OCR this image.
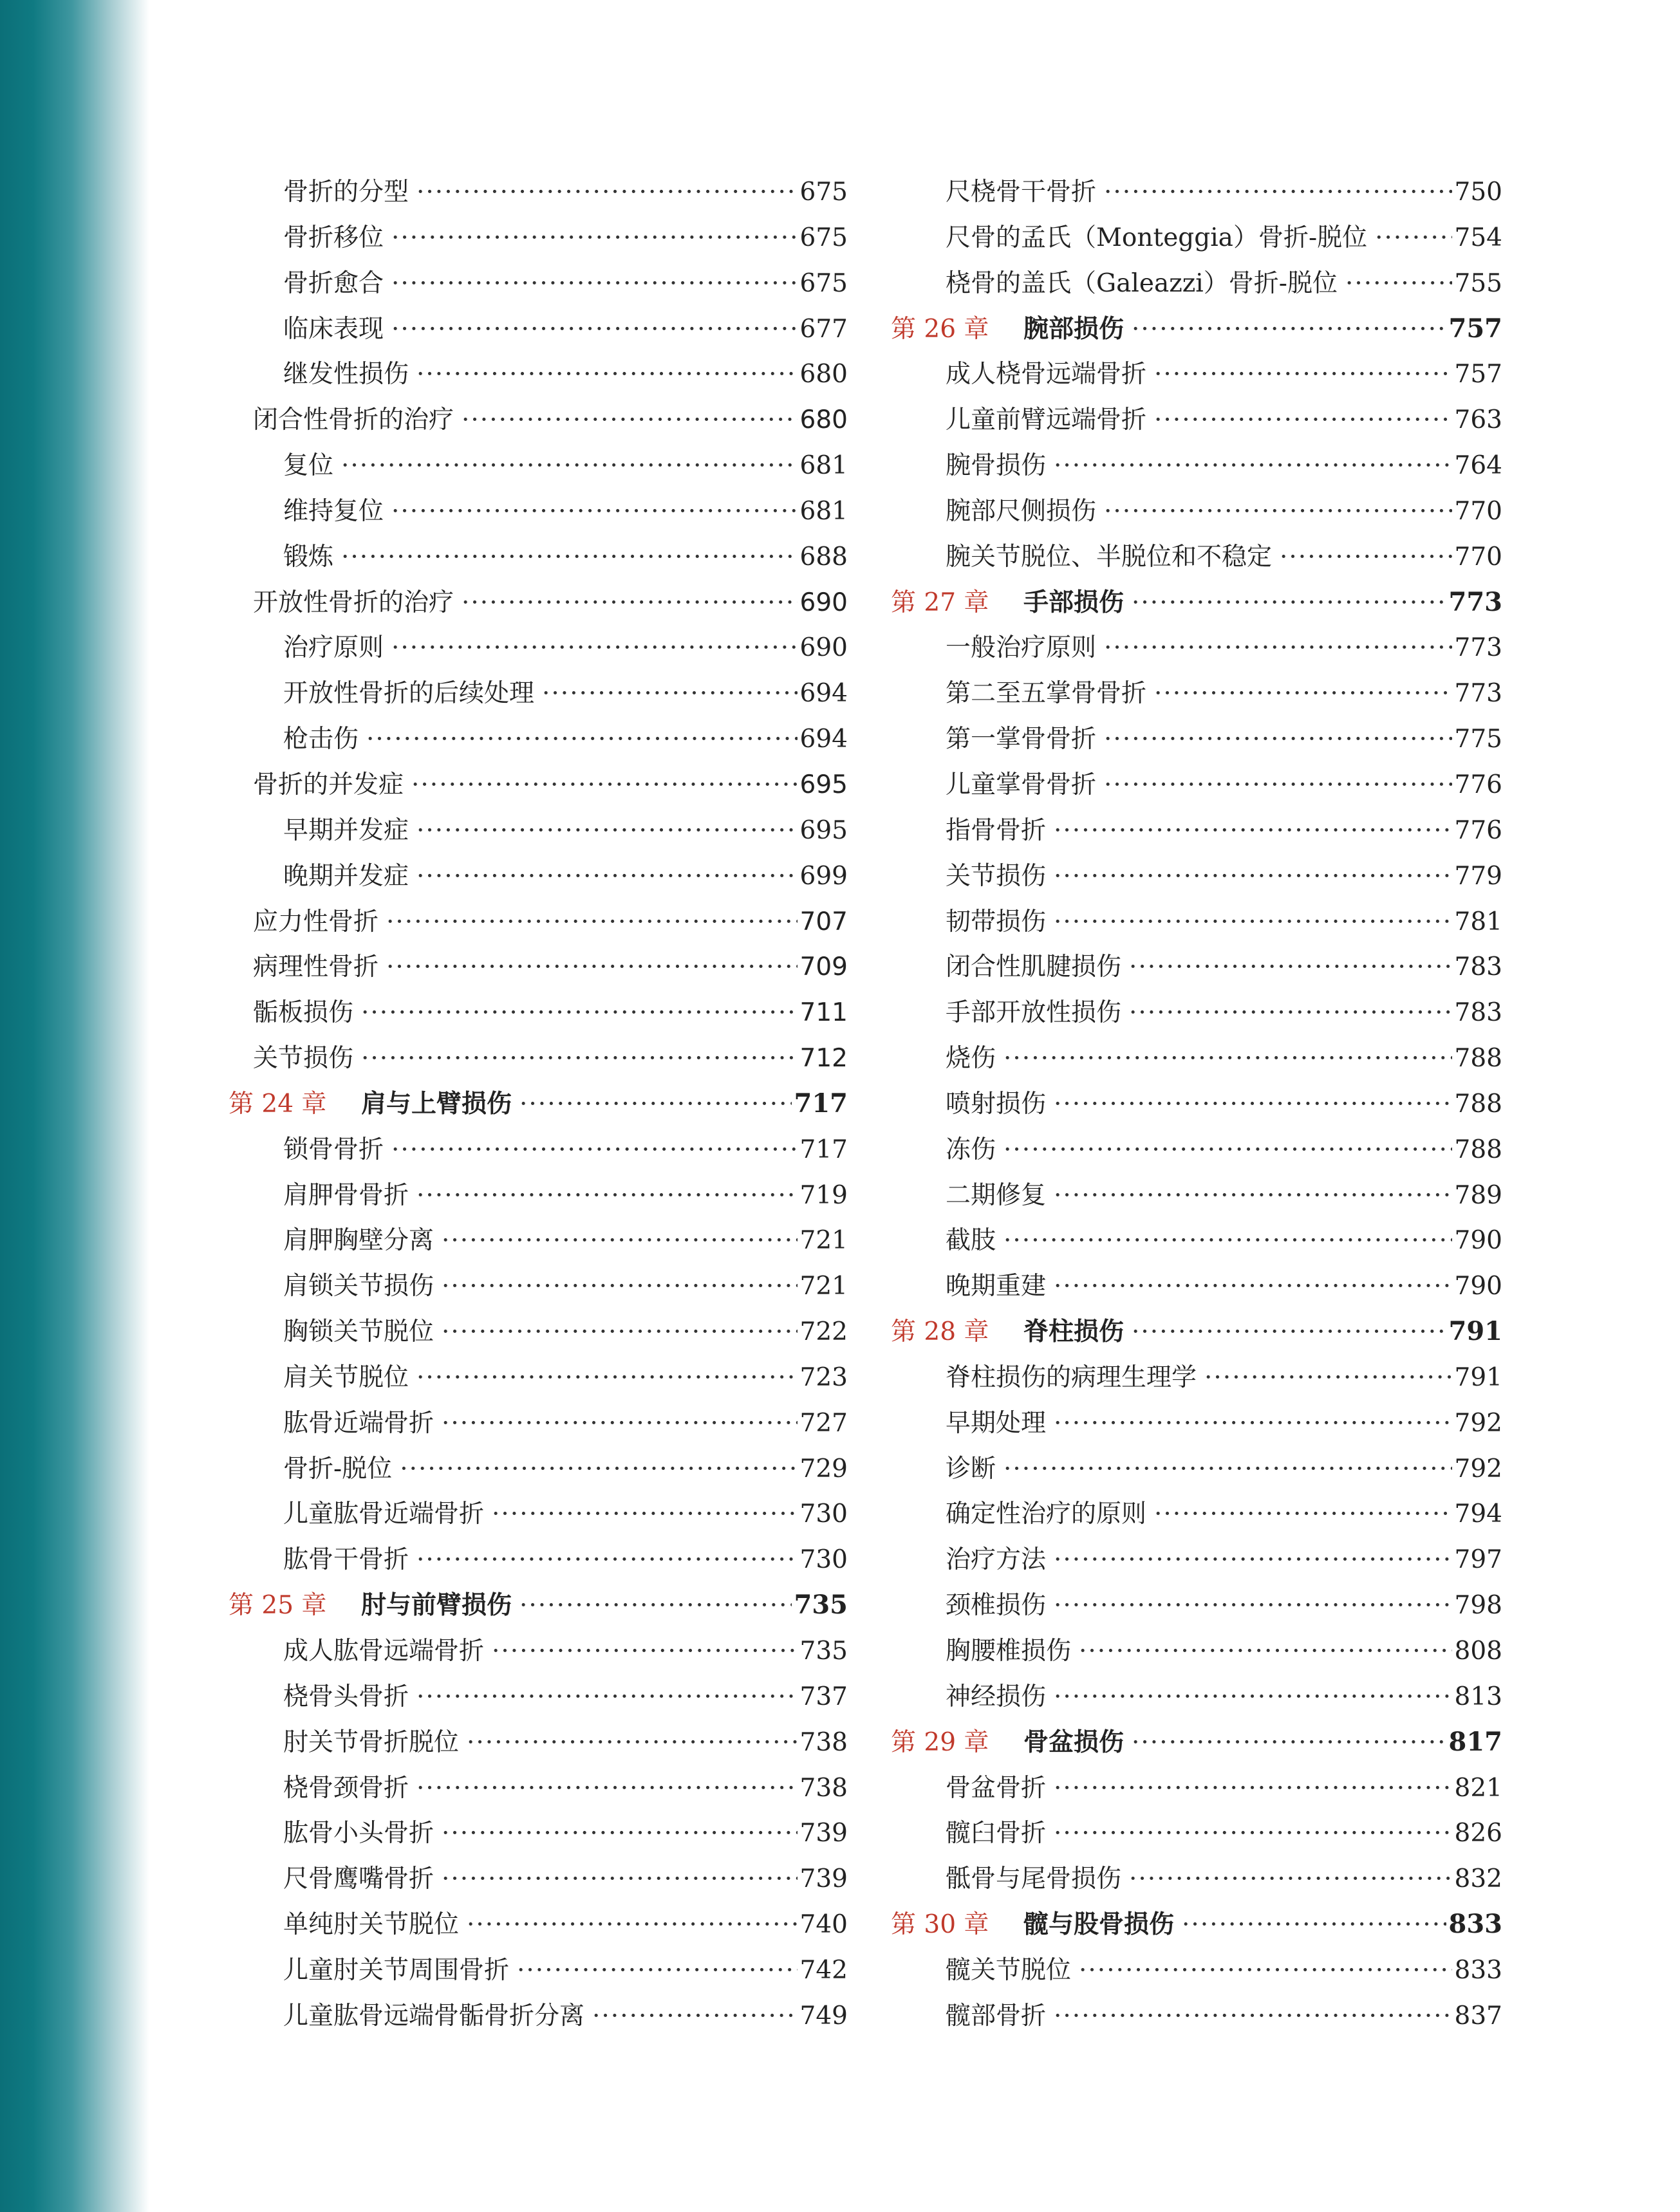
骨折的分型 ·····	675
骨折移位 ·····	675
骨折愈合 ·····	675
临床表现 ·····	677
继发性损伤 ·····	680
闭合性骨折的治疗 ·····	680
复位 ·····	681
维持复位 ·····	681
锻炼 ·····	688
开放性骨折的治疗 ·····	690
治疗原则 ·····	690
开放性骨折的后续处理 ·····	694
枪击伤 ·····	694
骨折的并发症 ·····	695
早期并发症 ·····	695
晚期并发症 ·····	699
应力性骨折 ·····	707
病理性骨折 ·····	709
骺板损伤 ·····	711
关节损伤 ·····	712
第 24 章	肩与上臂损伤 ·····	717
锁骨骨折 ·····	717
肩胛骨骨折 ·····	719
肩胛胸壁分离 ·····	721
肩锁关节损伤 ·····	721
胸锁关节脱位 ·····	722
肩关节脱位 ·····	723
肱骨近端骨折 ·····	727
骨折-脱位 ·····	729
儿童肱骨近端骨折 ·····	730
肱骨干骨折 ·····	730
第 25 章	肘与前臂损伤 ·····	735
成人肱骨远端骨折 ·····	735
桡骨头骨折 ·····	737
肘关节骨折脱位 ·····	738
桡骨颈骨折 ·····	738
肱骨小头骨折 ·····	739
尺骨鹰嘴骨折 ·····	739
单纯肘关节脱位 ·····	740
儿童肘关节周围骨折 ·····	742
儿童肱骨远端骨骺骨折分离 ·····	749
尺桡骨干骨折 ·····	750
尺骨的孟氏（Monteggia）骨折-脱位 ·····	754
桡骨的盖氏（Galeazzi）骨折-脱位 ·····	755
第 26 章	腕部损伤 ·····	757
成人桡骨远端骨折 ·····	757
儿童前臂远端骨折 ·····	763
腕骨损伤 ·····	764
腕部尺侧损伤 ·····	770
腕关节脱位、半脱位和不稳定 ·····	770
第 27 章	手部损伤 ·····	773
一般治疗原则 ·····	773
第二至五掌骨骨折 ·····	773
第一掌骨骨折 ·····	775
儿童掌骨骨折 ·····	776
指骨骨折 ·····	776
关节损伤 ·····	779
韧带损伤 ·····	781
闭合性肌腱损伤 ·····	783
手部开放性损伤 ·····	783
烧伤 ·····	788
喷射损伤 ·····	788
冻伤 ·····	788
二期修复 ·····	789
截肢 ·····	790
晚期重建 ·····	790
第 28 章	脊柱损伤 ·····	791
脊柱损伤的病理生理学 ·····	791
早期处理 ·····	792
诊断 ·····	792
确定性治疗的原则 ·····	794
治疗方法 ·····	797
颈椎损伤 ·····	798
胸腰椎损伤 ·····	808
神经损伤 ·····	813
第 29 章	骨盆损伤 ·····	817
骨盆骨折 ·····	821
髋臼骨折 ·····	826
骶骨与尾骨损伤 ·····	832
第 30 章	髋与股骨损伤 ·····	833
髋关节脱位 ·····	833
髋部骨折 ·····	837
